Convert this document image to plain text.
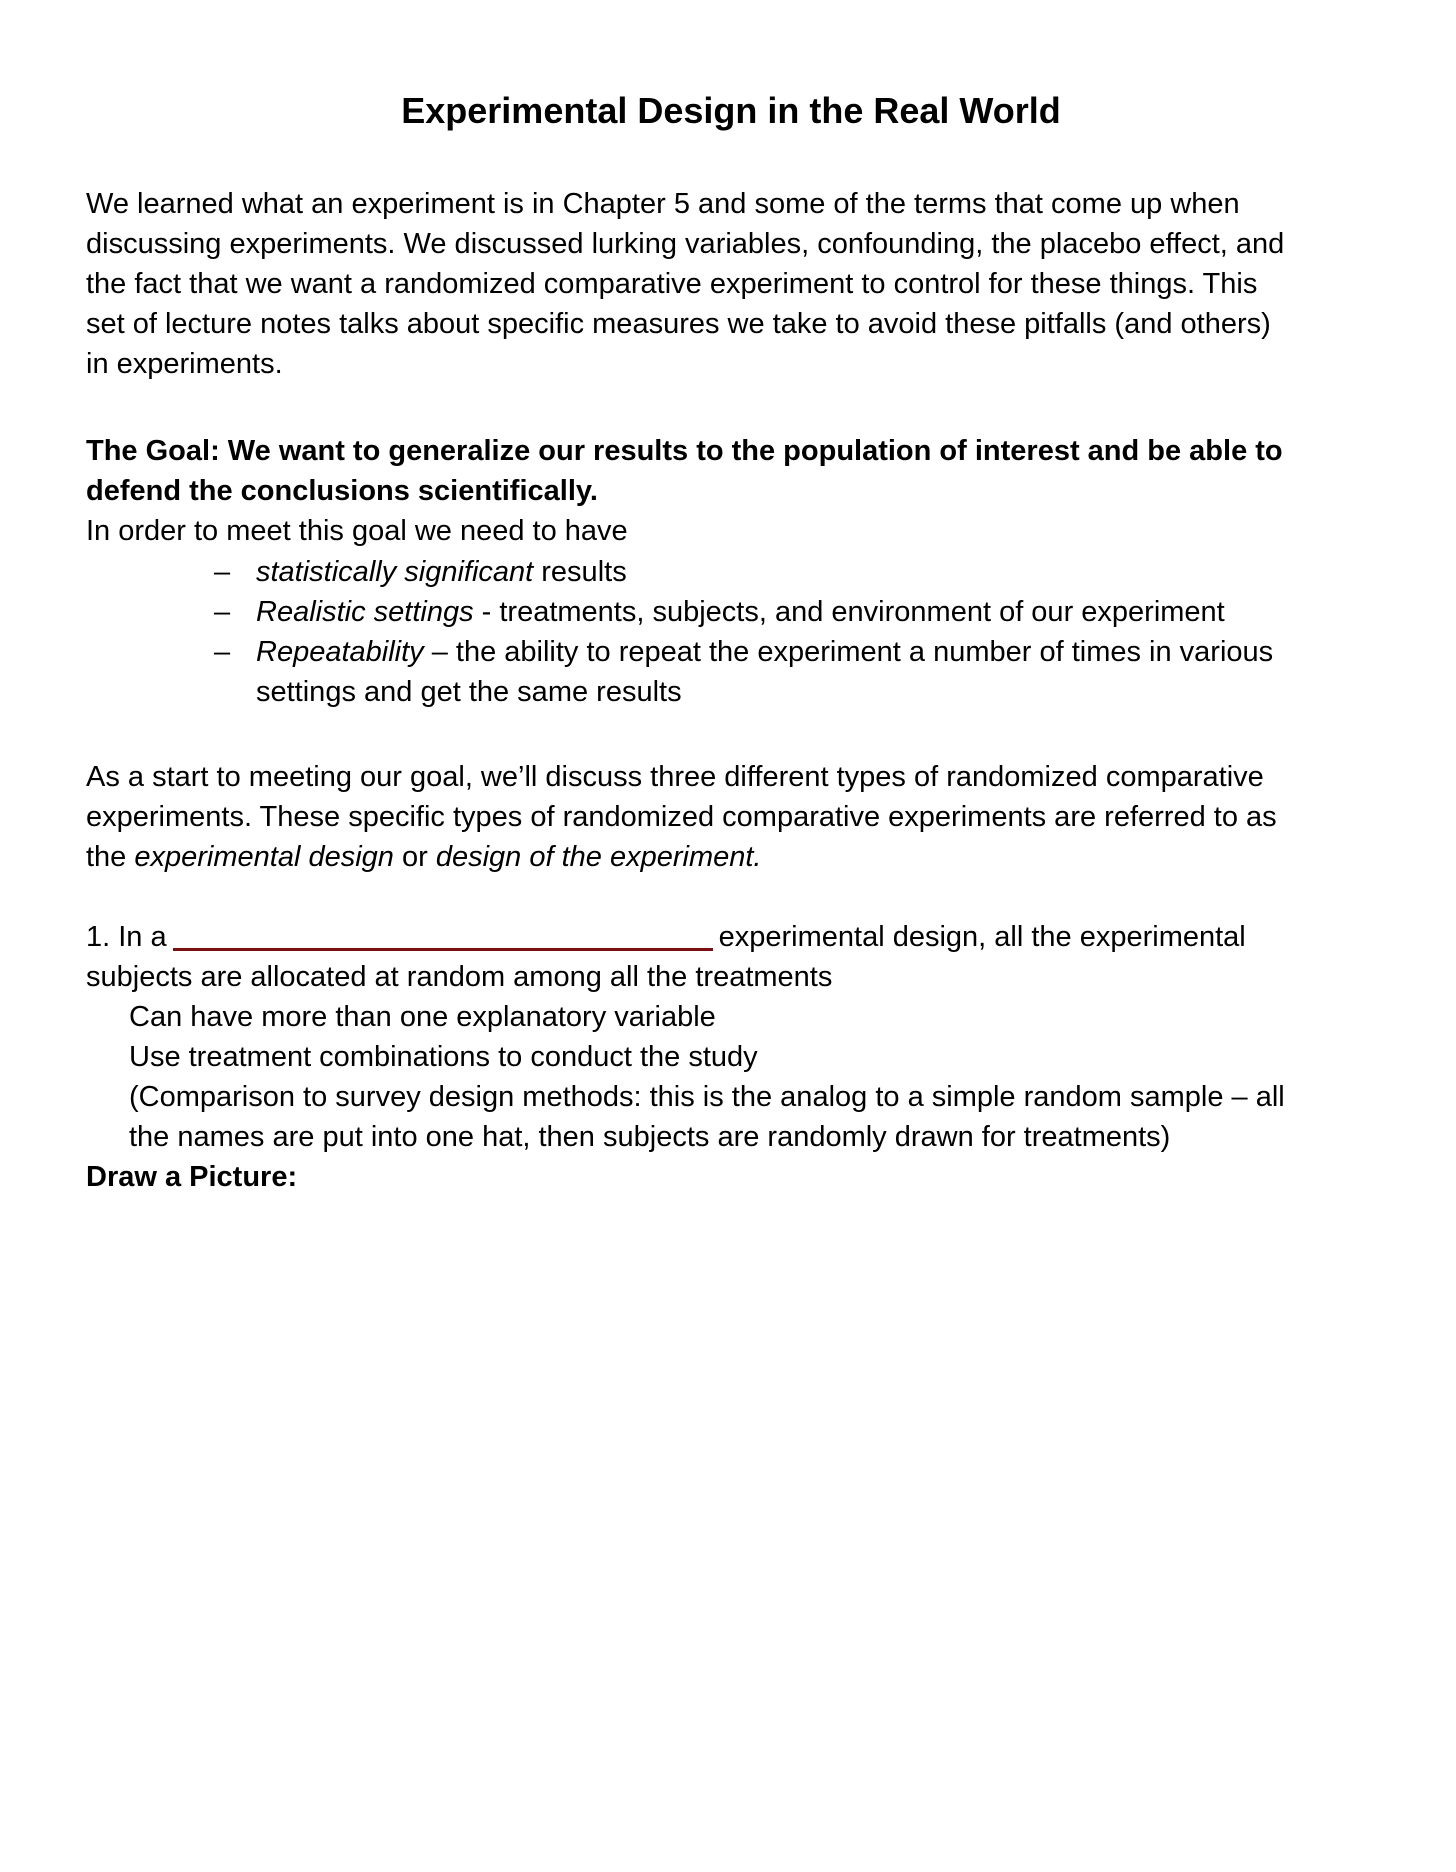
Experimental Design in the Real World
We learned what an experiment is in Chapter 5 and some of the terms that come up when
discussing experiments. We discussed lurking variables, confounding, the placebo effect, and
the fact that we want a randomized comparative experiment to control for these things. This
set of lecture notes talks about specific measures we take to avoid these pitfalls (and others)
in experiments.
The Goal: We want to generalize our results to the population of interest and be able to
defend the conclusions scientifically.
In order to meet this goal we need to have
– statistically significant results
– Realistic settings - treatments, subjects, and environment of our experiment
– Repeatability – the ability to repeat the experiment a number of times in various
settings and get the same results
As a start to meeting our goal, we’ll discuss three different types of randomized comparative
experiments. These specific types of randomized comparative experiments are referred to as
the experimental design or design of the experiment.
1. In a	experimental design, all the experimental
subjects are allocated at random among all the treatments
Can have more than one explanatory variable
Use treatment combinations to conduct the study
(Comparison to survey design methods: this is the analog to a simple random sample – all
the names are put into one hat, then subjects are randomly drawn for treatments)
Draw a Picture:
